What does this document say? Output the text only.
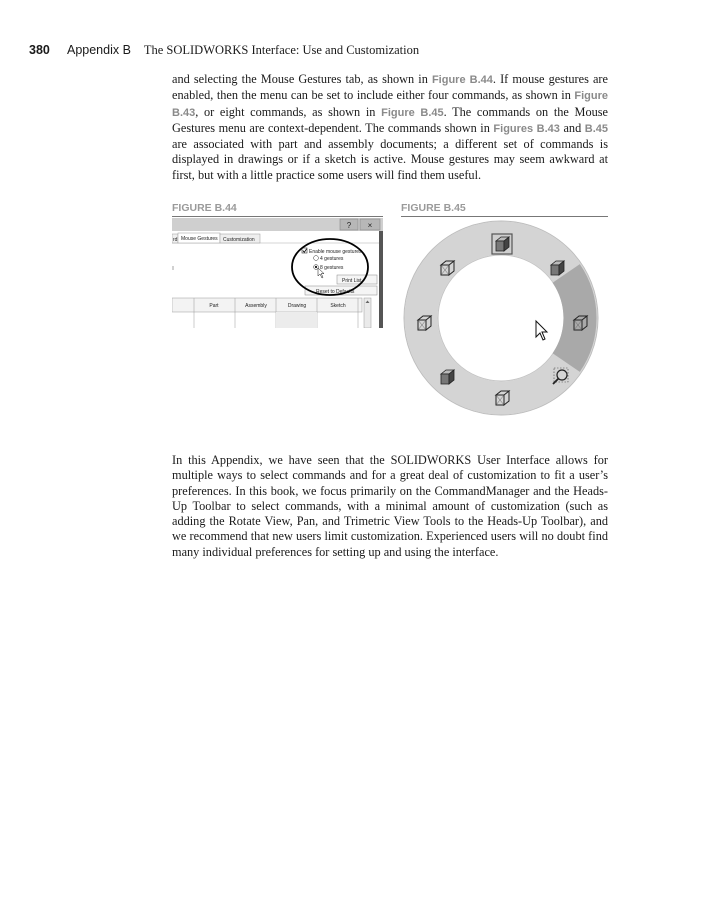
380 Appendix B The SOLIDWORKS Interface: Use and Customization
and selecting the Mouse Gestures tab, as shown in Figure B.44. If mouse gestures are enabled, then the menu can be set to include either four commands, as shown in Figure B.43, or eight commands, as shown in Figure B.45. The commands on the Mouse Gestures menu are context-dependent. The commands shown in Figures B.43 and B.45 are associated with part and assembly documents; a different set of commands is displayed in drawings or if a sketch is active. Mouse gestures may seem awkward at first, but with a little practice some users will find them useful.
FIGURE B.44	FIGURE B.45
? ×
rd Mouse Gestures Customization
Enable mouse gestures
4 gestures
8 gestures
Print List
Reset to Defaults
Part	Assembly	Drawing	Sketch
In this Appendix, we have seen that the SOLIDWORKS User Interface allows for multiple ways to select commands and for a great deal of customization to fit a user’s preferences. In this book, we focus primarily on the CommandManager and the Heads-Up Toolbar to select commands, with a minimal amount of customization (such as adding the Rotate View, Pan, and Trimetric View Tools to the Heads-Up Toolbar), and we recommend that new users limit customization. Experienced users will no doubt find many individual preferences for setting up and using the interface.
